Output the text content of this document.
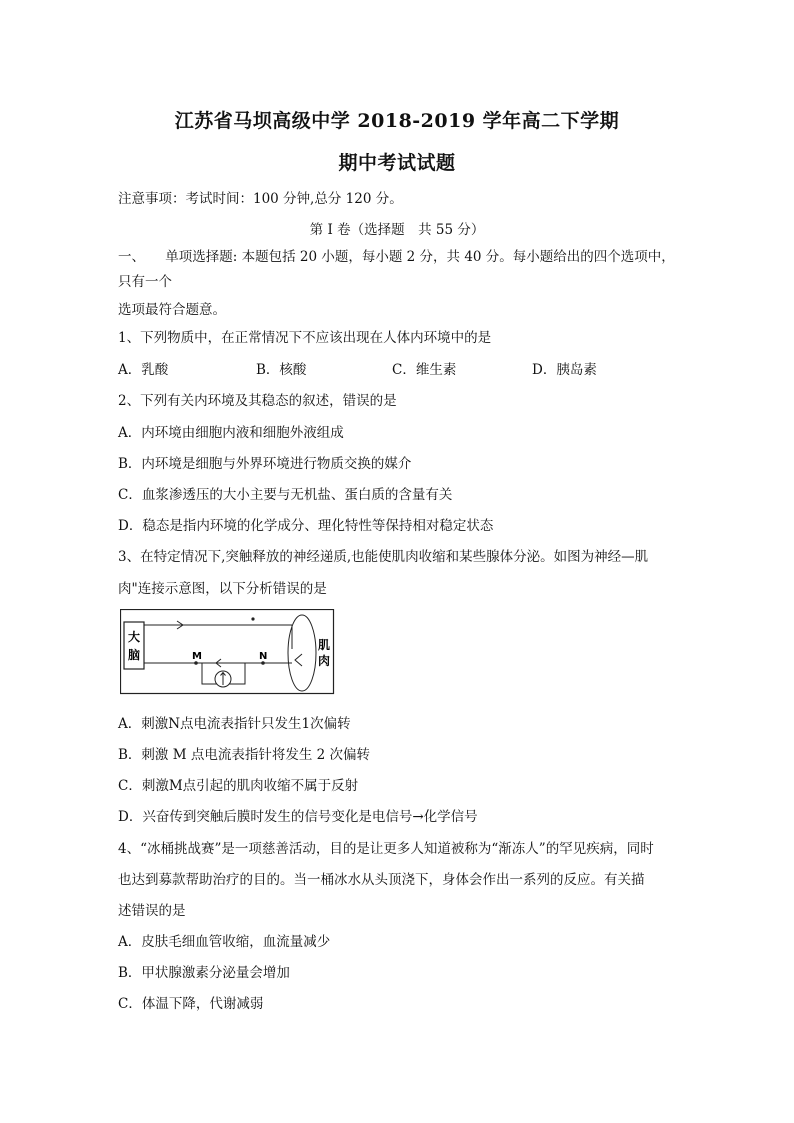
江苏省马坝高级中学 2018-2019 学年高二下学期
期中考试试题
注意事项：考试时间：100 分钟,总分 120 分。
第 I 卷（选择题　共 55 分）
一、　　单项选择题: 本题包括 20 小题，每小题 2 分，共 40 分。每小题给出的四个选项中，
只有一个
选项最符合题意。
1、下列物质中，在正常情况下不应该出现在人体内环境中的是
A．乳酸	B．核酸	C．维生素	D．胰岛素
2、下列有关内环境及其稳态的叙述，错误的是
A．内环境由细胞内液和细胞外液组成
B．内环境是细胞与外界环境进行物质交换的媒介
C．血浆渗透压的大小主要与无机盐、蛋白质的含量有关
D．稳态是指内环境的化学成分、理化特性等保持相对稳定状态
3、在特定情况下,突触释放的神经递质,也能使肌肉收缩和某些腺体分泌。如图为神经—肌
肉"连接示意图，以下分析错误的是
大
脑	M	N
肌
肉
A．刺激N点电流表指针只发生1次偏转
B．刺激 M 点电流表指针将发生 2 次偏转
C．刺激M点引起的肌肉收缩不属于反射
D．兴奋传到突触后膜时发生的信号变化是电信号→化学信号
4、“冰桶挑战赛”是一项慈善活动，目的是让更多人知道被称为“渐冻人”的罕见疾病，同时
也达到募款帮助治疗的目的。当一桶冰水从头顶浇下，身体会作出一系列的反应。有关描
述错误的是
A．皮肤毛细血管收缩，血流量减少
B．甲状腺激素分泌量会增加
C．体温下降，代谢减弱
